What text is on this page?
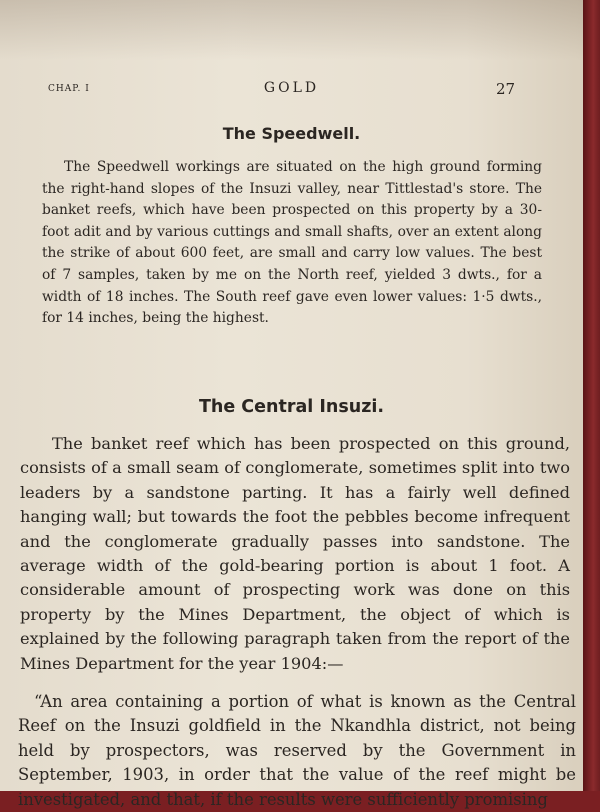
CHAP. I	GOLD	27
The Speedwell.

The Speedwell workings are situated on the high ground forming the right-hand slopes of the Insuzi valley, near Tittlestad's store. The banket reefs, which have been prospected on this property by a 30-foot adit and by various cuttings and small shafts, over an extent along the strike of about 600 feet, are small and carry low values. The best of 7 samples, taken by me on the North reef, yielded 3 dwts., for a width of 18 inches. The South reef gave even lower values: 1·5 dwts., for 14 inches, being the highest.

The Central Insuzi.

The banket reef which has been prospected on this ground, consists of a small seam of conglomerate, sometimes split into two leaders by a sandstone parting. It has a fairly well defined hanging wall; but towards the foot the pebbles become infrequent and the conglomerate gradually passes into sandstone. The average width of the gold-bearing portion is about 1 foot. A considerable amount of prospecting work was done on this property by the Mines Department, the object of which is explained by the following paragraph taken from the report of the Mines Department for the year 1904:—

“An area containing a portion of what is known as the Central Reef on the Insuzi goldfield in the Nkandhla district, not being held by prospectors, was reserved by the Government in September, 1903, in order that the value of the reef might be investigated, and that, if the results were sufficiently promising
